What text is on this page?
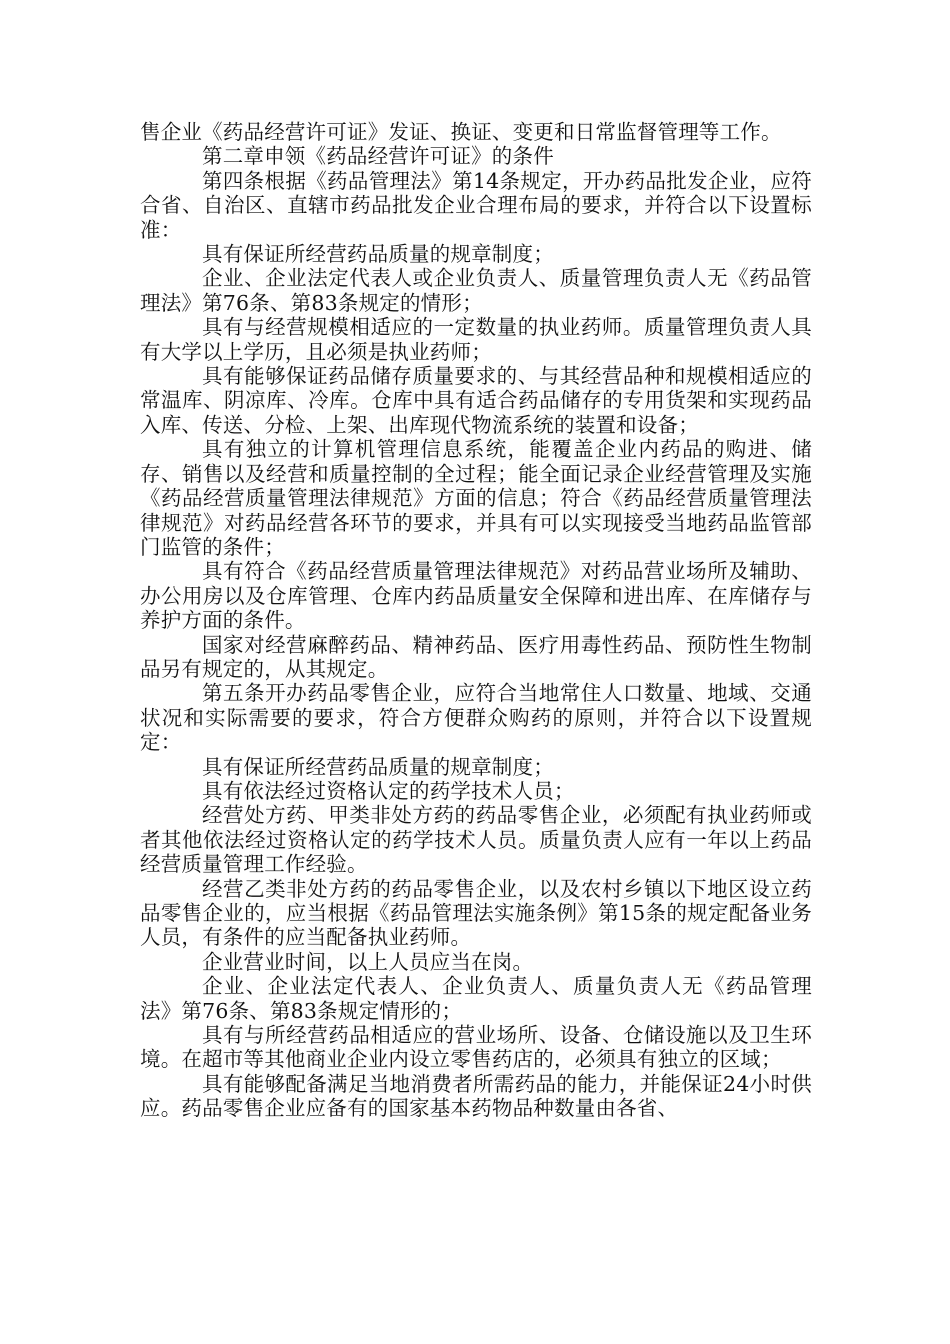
售企业《药品经营许可证》发证、换证、变更和日常监督管理等工作。

第二章申领《药品经营许可证》的条件

第四条根据《药品管理法》第14条规定，开办药品批发企业，应符合省、自治区、直辖市药品批发企业合理布局的要求，并符合以下设置标准：

具有保证所经营药品质量的规章制度；

企业、企业法定代表人或企业负责人、质量管理负责人无《药品管理法》第76条、第83条规定的情形；

具有与经营规模相适应的一定数量的执业药师。质量管理负责人具有大学以上学历，且必须是执业药师；

具有能够保证药品储存质量要求的、与其经营品种和规模相适应的常温库、阴凉库、冷库。仓库中具有适合药品储存的专用货架和实现药品入库、传送、分检、上架、出库现代物流系统的装置和设备；

具有独立的计算机管理信息系统，能覆盖企业内药品的购进、储存、销售以及经营和质量控制的全过程；能全面记录企业经营管理及实施《药品经营质量管理法律规范》方面的信息；符合《药品经营质量管理法律规范》对药品经营各环节的要求，并具有可以实现接受当地药品监管部门监管的条件；

具有符合《药品经营质量管理法律规范》对药品营业场所及辅助、办公用房以及仓库管理、仓库内药品质量安全保障和进出库、在库储存与养护方面的条件。

国家对经营麻醉药品、精神药品、医疗用毒性药品、预防性生物制品另有规定的，从其规定。

第五条开办药品零售企业，应符合当地常住人口数量、地域、交通状况和实际需要的要求，符合方便群众购药的原则，并符合以下设置规定：

具有保证所经营药品质量的规章制度；

具有依法经过资格认定的药学技术人员；

经营处方药、甲类非处方药的药品零售企业，必须配有执业药师或者其他依法经过资格认定的药学技术人员。质量负责人应有一年以上药品经营质量管理工作经验。

经营乙类非处方药的药品零售企业，以及农村乡镇以下地区设立药品零售企业的，应当根据《药品管理法实施条例》第15条的规定配备业务人员，有条件的应当配备执业药师。

企业营业时间，以上人员应当在岗。

企业、企业法定代表人、企业负责人、质量负责人无《药品管理法》第76条、第83条规定情形的；

具有与所经营药品相适应的营业场所、设备、仓储设施以及卫生环境。在超市等其他商业企业内设立零售药店的，必须具有独立的区域；

具有能够配备满足当地消费者所需药品的能力，并能保证24小时供应。药品零售企业应备有的国家基本药物品种数量由各省、
